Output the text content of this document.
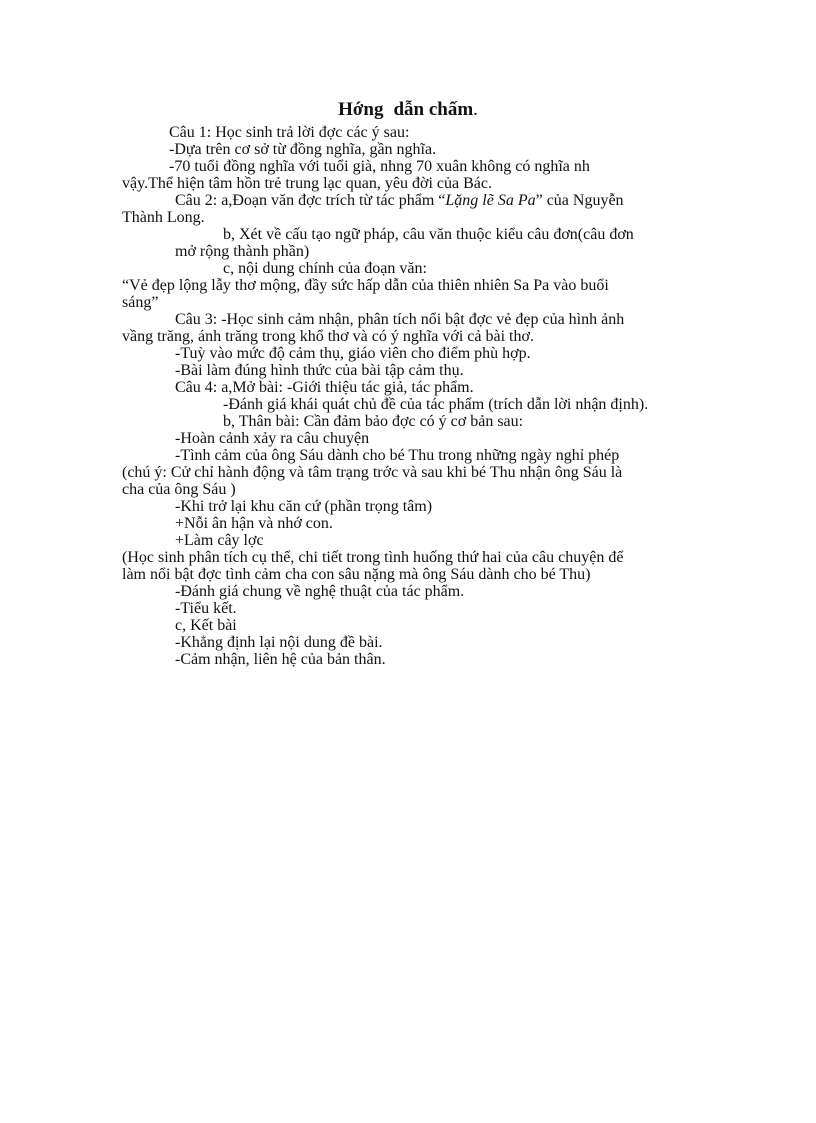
Hớng dẫn chấm.
Câu 1: Học sinh trả lời đợc các ý sau:
-Dựa trên cơ sở từ đồng nghĩa, gần nghĩa.
-70 tuổi đồng nghĩa với tuổi già, nhng 70 xuân không có nghĩa nh
vậy.Thể hiện tâm hồn trẻ trung lạc quan, yêu đời của Bác.
Câu 2: a,Đoạn văn đợc trích từ tác phẩm “Lặng lẽ Sa Pa” của Nguyễn
Thành Long.
b, Xét về cấu tạo ngữ pháp, câu văn thuộc kiểu câu đơn(câu đơn
mở rộng thành phần)
c, nội dung chính của đoạn văn:
“Vẻ đẹp lộng lẫy thơ mộng, đầy sức hấp dẫn của thiên nhiên Sa Pa vào buổi
sáng”
Câu 3: -Học sinh cảm nhận, phân tích nổi bật đợc vẻ đẹp của hình ảnh
vầng trăng, ánh trăng trong khổ thơ và có ý nghĩa với cả bài thơ.
-Tuỳ vào mức độ cảm thụ, giáo viên cho điểm phù hợp.
-Bài làm đúng hình thức của bài tập cảm thụ.
Câu 4: a,Mở bài: -Giới thiệu tác giả, tác phẩm.
-Đánh giá khái quát chủ đề của tác phẩm (trích dẫn lời nhận định).
b, Thân bài: Cần đảm bảo đợc có ý cơ bản sau:
-Hoàn cảnh xảy ra câu chuyện
-Tình cảm của ông Sáu dành cho bé Thu trong những ngày nghỉ phép
(chú ý: Cử chỉ hành động và tâm trạng trớc và sau khi bé Thu nhận ông Sáu là
cha của ông Sáu )
-Khi trở lại khu căn cứ (phần trọng tâm)
+Nỗi ân hận và nhớ con.
+Làm cây lợc
(Học sinh phân tích cụ thể, chi tiết trong tình huống thứ hai của câu chuyện để
làm nổi bật đợc tình cảm cha con sâu nặng mà ông Sáu dành cho bé Thu)
-Đánh giá chung về nghệ thuật của tác phẩm.
-Tiểu kết.
c, Kết bài
-Khẳng định lại nội dung đề bài.
-Cảm nhận, liên hệ của bản thân.
